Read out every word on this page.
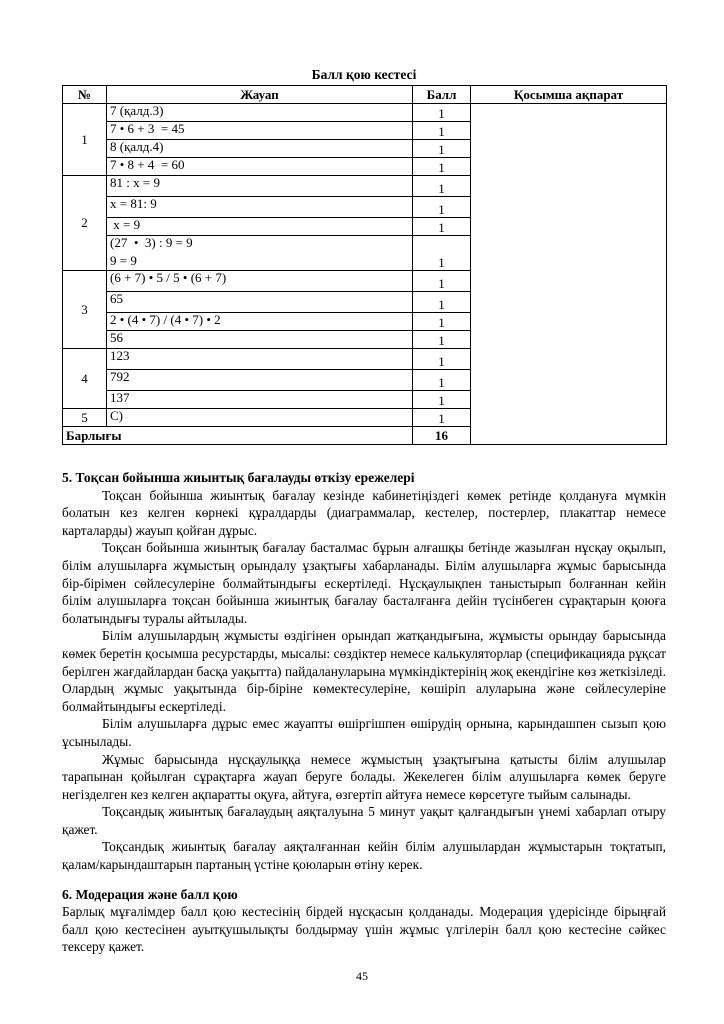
Балл қою кестесі
№	Жауап	Балл	Қосымша ақпарат
1	7 (қалд.3)	1	

	7 • 6 + 3  = 45	1	

	8 (қалд.4)	1	

	7 • 8 + 4  = 60	1	
2	81 : x = 9	1	

	x = 81: 9	1	

	x = 9	1	

	(27  •  3) : 9 = 9
9 = 9	1	
3	(6 + 7) • 5 / 5 • (6 + 7)	1	

	65	1	

	2 • (4 • 7) / (4 • 7) • 2	1	

	56	1	
4	123	1	

	792	1	

	137	1	
5	C)	1	
Барлығы		16	
5. Тоқсан бойынша жиынтық бағалауды өткізу ережелері

Тоқсан бойынша жиынтық бағалау кезінде кабинетіңіздегі көмек ретінде қолдануға мүмкін болатын кез келген көрнекі құралдарды (диаграммалар, кестелер, постерлер, плакаттар немесе карталарды) жауып қойған дұрыс.

Тоқсан бойынша жиынтық бағалау басталмас бұрын алғашқы бетінде жазылған нұсқау оқылып, білім алушыларға жұмыстың орындалу ұзақтығы хабарланады. Білім алушыларға жұмыс барысында бір-бірімен сөйлесулеріне болмайтындығы ескертіледі. Нұсқаулықпен таныстырып болғаннан кейін білім алушыларға тоқсан бойынша жиынтық бағалау басталғанға дейін түсінбеген сұрақтарын қоюға болатындығы туралы айтылады.

Білім алушылардың жұмысты өздігінен орындап жатқандығына, жұмысты орындау барысында көмек беретін қосымша ресурстарды, мысалы: сөздіктер немесе калькуляторлар (спецификацияда рұқсат берілген жағдайлардан басқа уақытта) пайдалануларына мүмкіндіктерінің жоқ екендігіне көз жеткізіледі. Олардың жұмыс уақытында бір-біріне көмектесулеріне, көшіріп алуларына және сөйлесулеріне болмайтындығы ескертіледі.

Білім алушыларға дұрыс емес жауапты өшіргішпен өшірудің орнына, карындашпен сызып қою ұсынылады.

Жұмыс барысында нұсқаулыққа немесе жұмыстың ұзақтығына қатысты білім алушылар тарапынан қойылған сұрақтарға жауап беруге болады. Жекелеген білім алушыларға көмек беруге негізделген кез келген ақпаратты оқуға, айтуға, өзгертіп айтуға немесе көрсетуге тыйым салынады.

Тоқсандық жиынтық бағалаудың аяқталуына 5 минут уақыт қалғандығын үнемі хабарлап отыру қажет.

Тоқсандық жиынтық бағалау аяқталғаннан кейін білім алушылардан жұмыстарын тоқтатып, қалам/карындаштарын партаның үстіне қоюларын өтіну керек.

6. Модерация және балл қою

Барлық мұғалімдер балл қою кестесінің бірдей нұсқасын қолданады. Модерация үдерісінде бірыңғай балл қою кестесінен ауытқушылықты болдырмау үшін жұмыс үлгілерін балл қою кестесіне сәйкес тексеру қажет.

45
